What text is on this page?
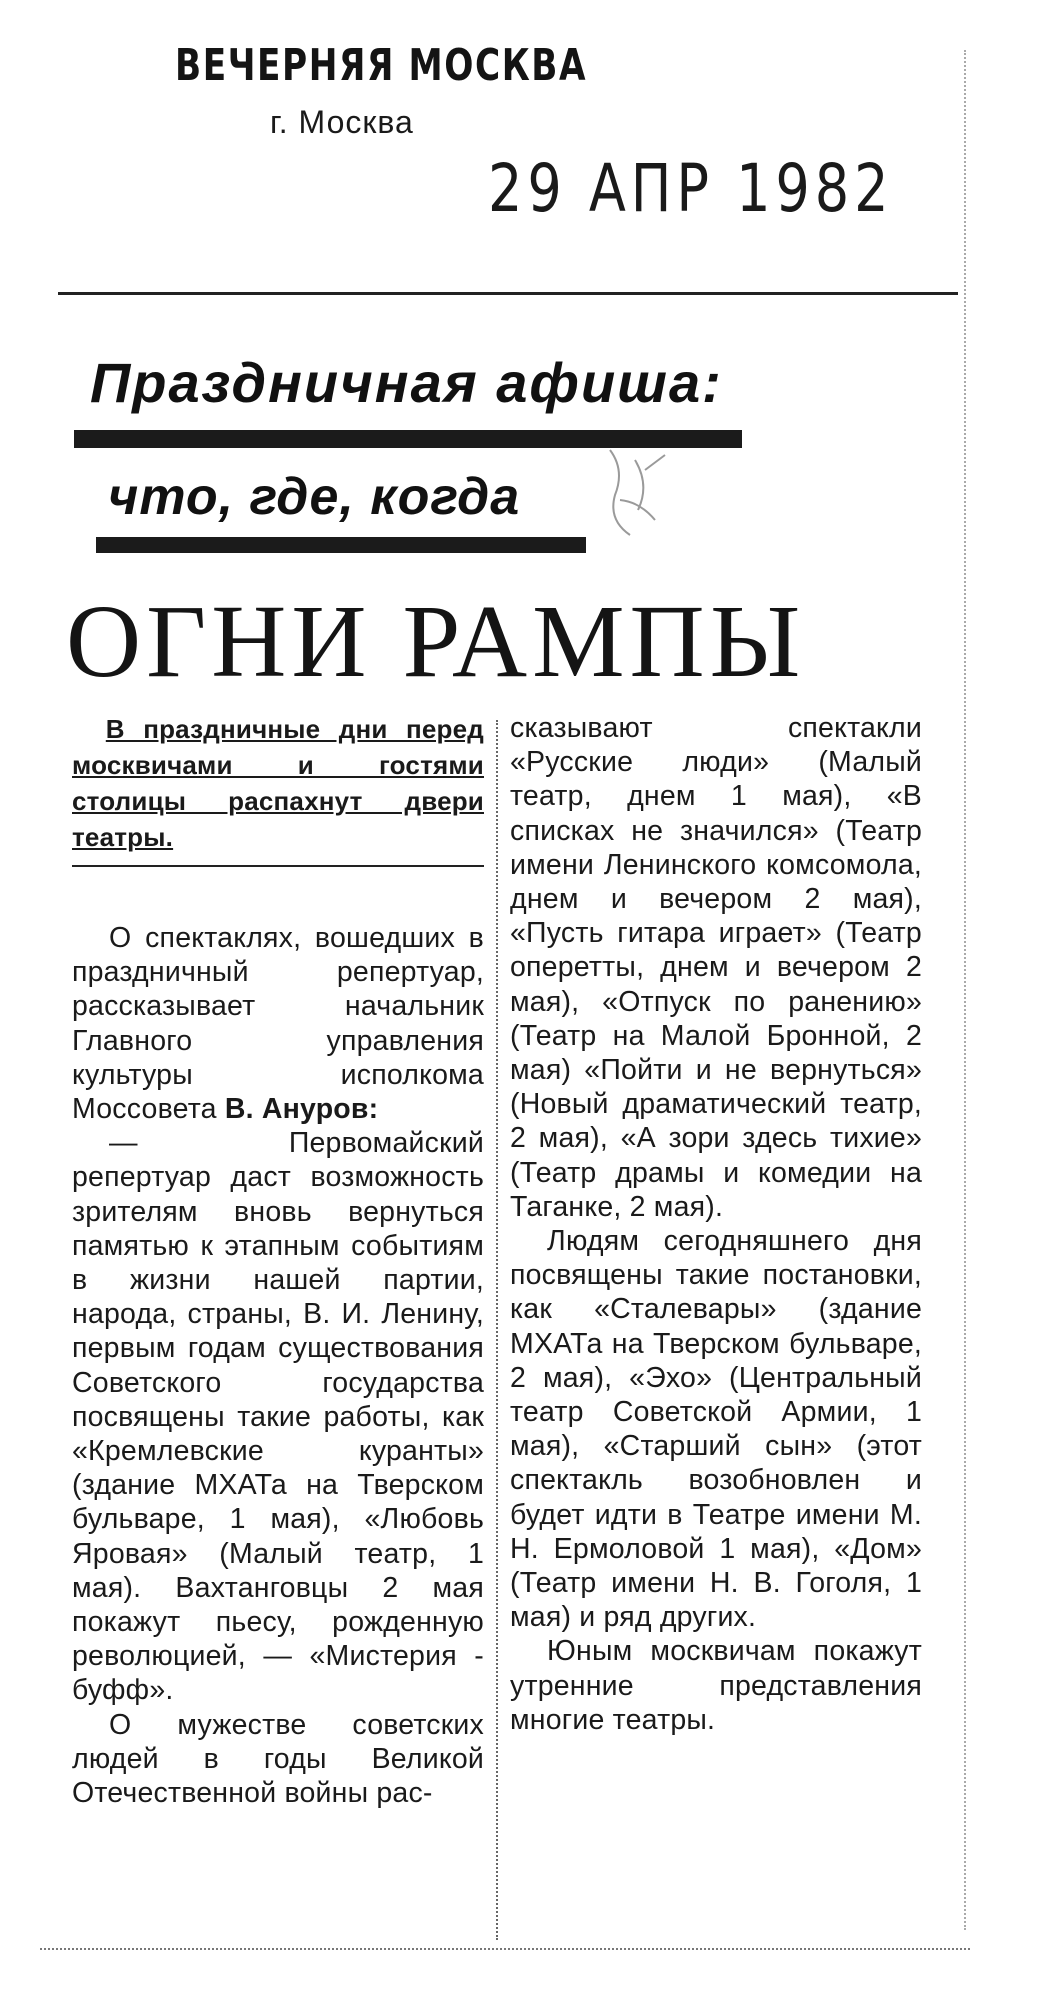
ВЕЧЕРНЯЯ МОСКВА
г. Москва
29 АПР 1982
Праздничная афиша:
что, где, когда
ОГНИ РАМПЫ

В праздничные дни перед москвичами и гостями столицы распахнут двери театры.

О спектаклях, вошедших в праздничный репертуар, рассказывает начальник Главного управления культуры исполкома Моссовета В. Ануров:

— Первомайский репертуар даст возможность зрителям вновь вернуться памятью к этапным событиям в жизни нашей партии, народа, страны, В. И. Ленину, первым годам существования Советского государства посвящены такие работы, как «Кремлевские куранты» (здание МХАТа на Тверском бульваре, 1 мая), «Любовь Яровая» (Малый театр, 1 мая). Вахтанговцы 2 мая покажут пьесу, рожденную революцией, — «Мистерия - буфф».

О мужестве советских людей в годы Великой Отечественной войны рас-

сказывают спектакли «Русские люди» (Малый театр, днем 1 мая), «В списках не значился» (Театр имени Ленинского комсомола, днем и вечером 2 мая), «Пусть гитара играет» (Театр оперетты, днем и вечером 2 мая), «Отпуск по ранению» (Театр на Малой Бронной, 2 мая) «Пойти и не вернуться» (Новый драматический театр, 2 мая), «А зори здесь тихие» (Театр драмы и комедии на Таганке, 2 мая).

Людям сегодняшнего дня посвящены такие постановки, как «Сталевары» (здание МХАТа на Тверском бульваре, 2 мая), «Эхо» (Центральный театр Советской Армии, 1 мая), «Старший сын» (этот спектакль возобновлен и будет идти в Театре имени М. Н. Ермоловой 1 мая), «Дом» (Театр имени Н. В. Гоголя, 1 мая) и ряд других.

Юным москвичам покажут утренние представления многие театры.
